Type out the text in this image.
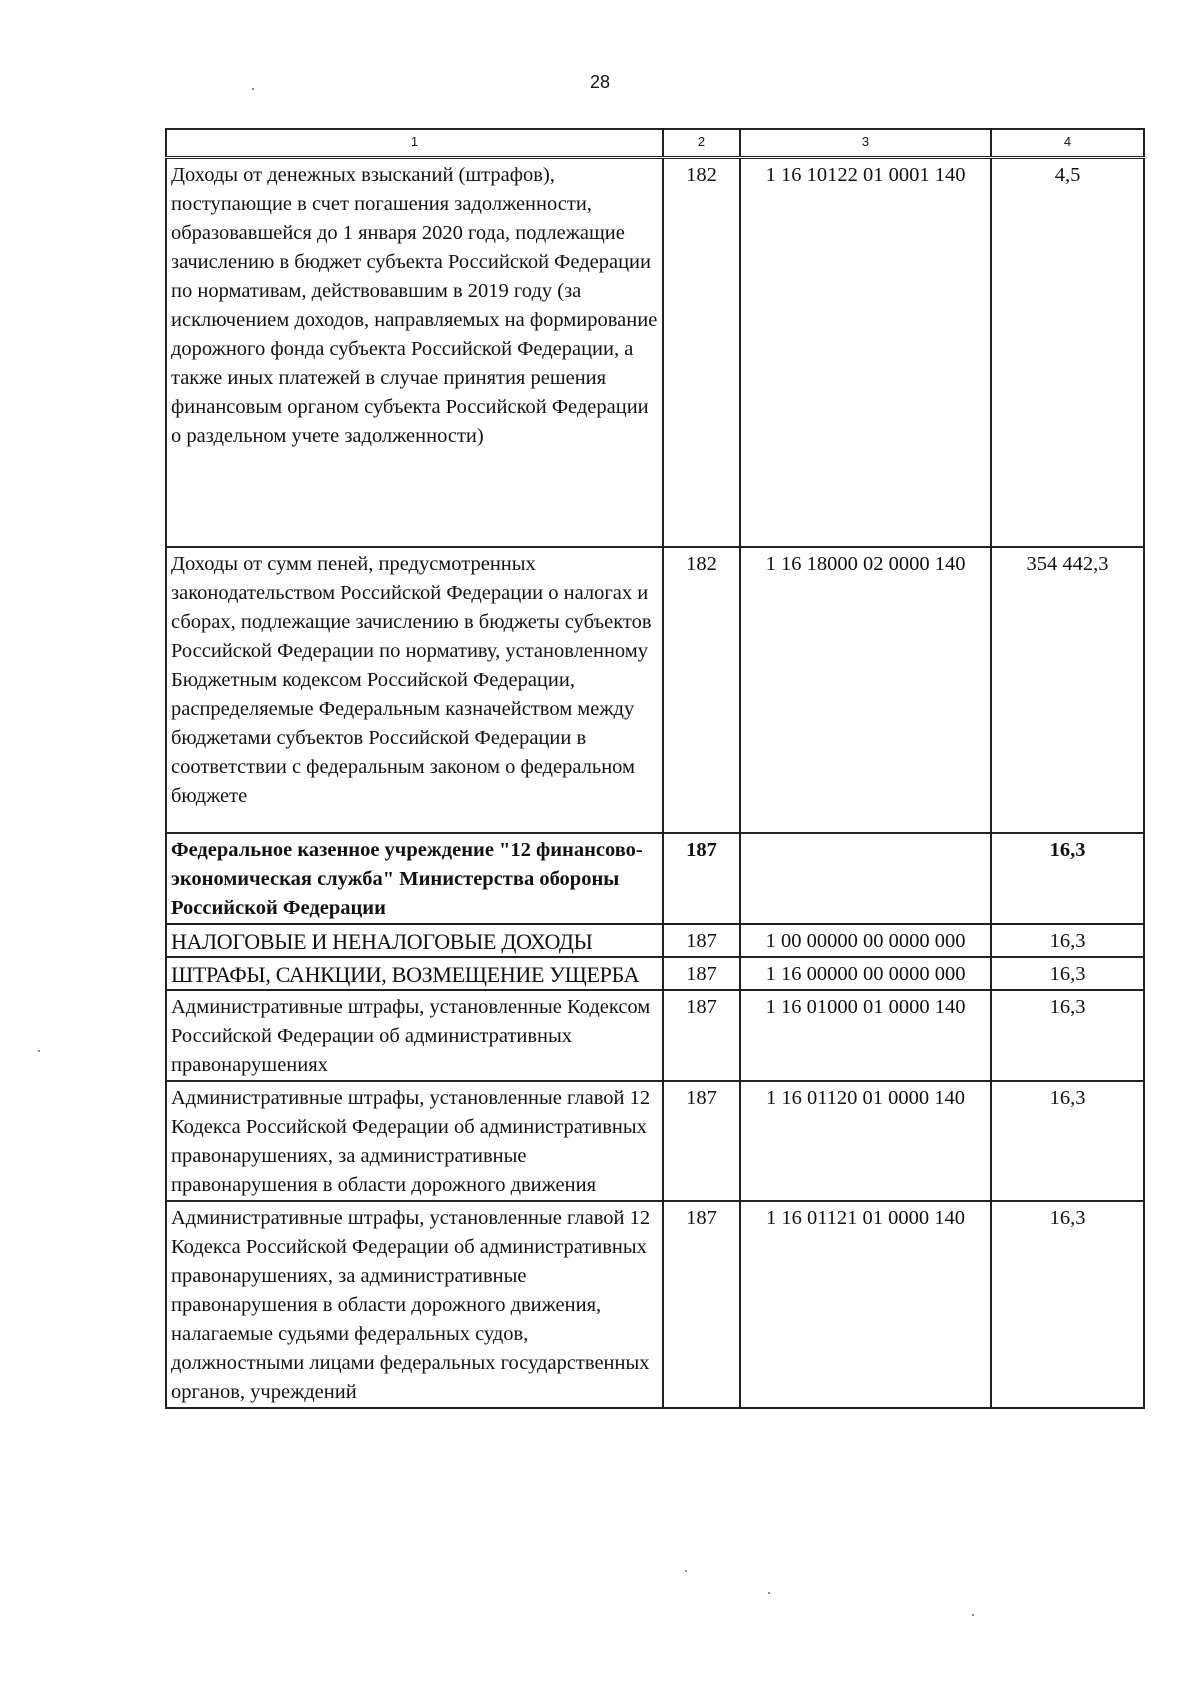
28
1	2	3	4
Доходы от денежных взысканий (штрафов), поступающие в счет погашения задолженности, образовавшейся до 1 января 2020 года, подлежащие зачислению в бюджет субъекта Российской Федерации по нормативам, действовавшим в 2019 году (за исключением доходов, направляемых на формирование дорожного фонда субъекта Российской Федерации, а также иных платежей в случае принятия решения финансовым органом субъекта Российской Федерации о раздельном учете задолженности)	182	1 16 10122 01 0001 140	4,5
Доходы от сумм пеней, предусмотренных законодательством Российской Федерации о налогах и сборах, подлежащие зачислению в бюджеты субъектов Российской Федерации по нормативу, установленному Бюджетным кодексом Российской Федерации, распределяемые Федеральным казначейством между бюджетами субъектов Российской Федерации в соответствии с федеральным законом о федеральном бюджете	182	1 16 18000 02 0000 140	354 442,3
Федеральное казенное учреждение "12 финансово-экономическая служба" Министерства обороны Российской Федерации	187		16,3
НАЛОГОВЫЕ И НЕНАЛОГОВЫЕ ДОХОДЫ	187	1 00 00000 00 0000 000	16,3
ШТРАФЫ, САНКЦИИ, ВОЗМЕЩЕНИЕ УЩЕРБА	187	1 16 00000 00 0000 000	16,3
Административные штрафы, установленные Кодексом Российской Федерации об административных правонарушениях	187	1 16 01000 01 0000 140	16,3
Административные штрафы, установленные главой 12 Кодекса Российской Федерации об административных правонарушениях, за административные правонарушения в области дорожного движения	187	1 16 01120 01 0000 140	16,3
Административные штрафы, установленные главой 12 Кодекса Российской Федерации об административных правонарушениях, за административные правонарушения в области дорожного движения, налагаемые судьями федеральных судов, должностными лицами федеральных государственных органов, учреждений	187	1 16 01121 01 0000 140	16,3
